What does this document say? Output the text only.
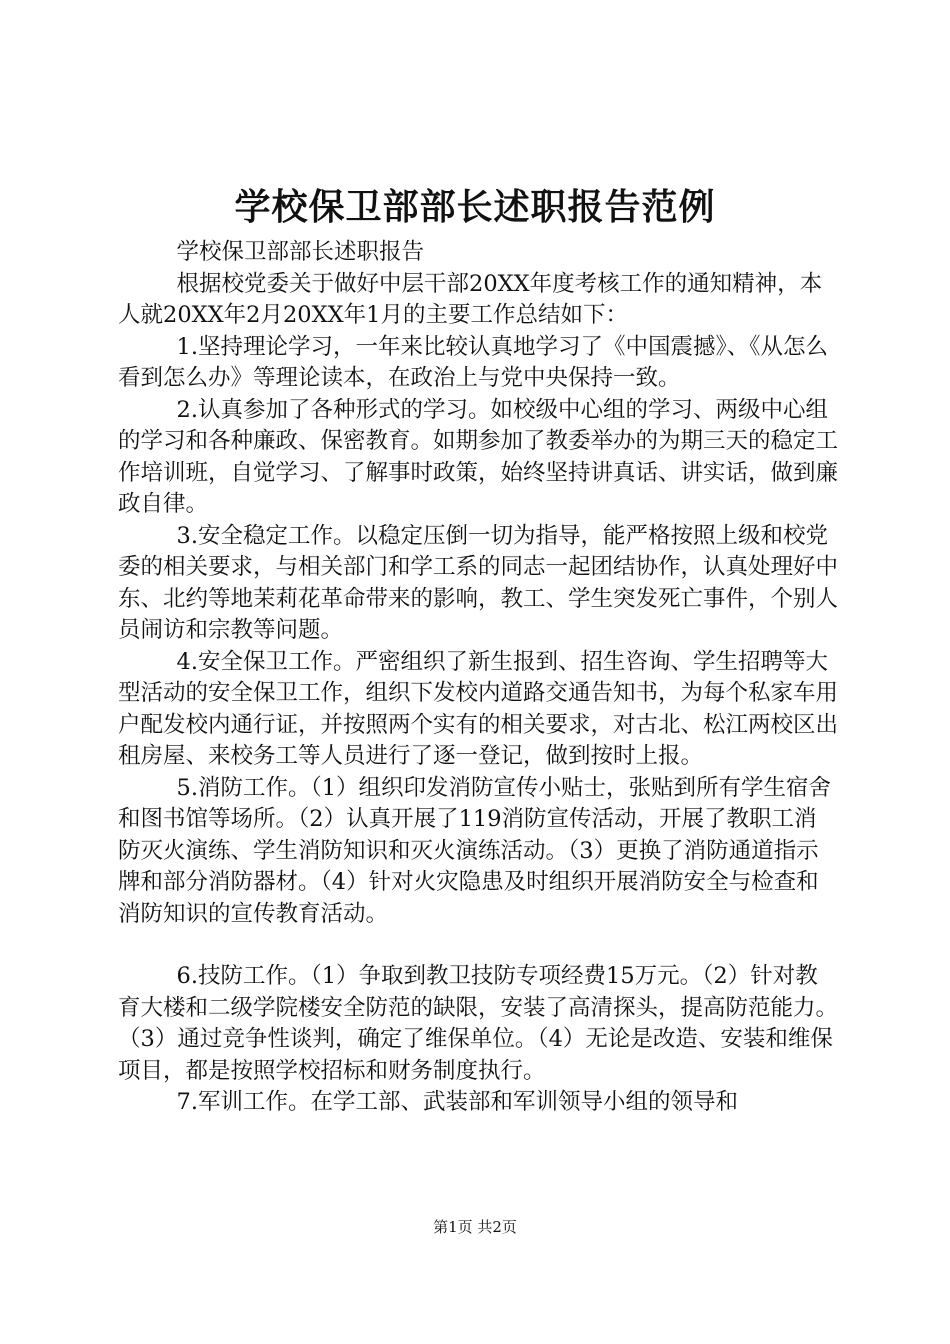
学校保卫部部长述职报告范例

学校保卫部部长述职报告

根据校党委关于做好中层干部20XX年度考核工作的通知精神，本人就20XX年2月20XX年1月的主要工作总结如下：

1.坚持理论学习，一年来比较认真地学习了《中国震撼》、《从怎么看到怎么办》等理论读本，在政治上与党中央保持一致。

2.认真参加了各种形式的学习。如校级中心组的学习、两级中心组的学习和各种廉政、保密教育。如期参加了教委举办的为期三天的稳定工作培训班，自觉学习、了解事时政策，始终坚持讲真话、讲实话，做到廉政自律。

3.安全稳定工作。以稳定压倒一切为指导，能严格按照上级和校党委的相关要求，与相关部门和学工系的同志一起团结协作，认真处理好中东、北约等地茉莉花革命带来的影响，教工、学生突发死亡事件，个别人员闹访和宗教等问题。

4.安全保卫工作。严密组织了新生报到、招生咨询、学生招聘等大型活动的安全保卫工作，组织下发校内道路交通告知书，为每个私家车用户配发校内通行证，并按照两个实有的相关要求，对古北、松江两校区出租房屋、来校务工等人员进行了逐一登记，做到按时上报。

5.消防工作。（1）组织印发消防宣传小贴士，张贴到所有学生宿舍和图书馆等场所。（2）认真开展了119消防宣传活动，开展了教职工消防灭火演练、学生消防知识和灭火演练活动。（3）更换了消防通道指示牌和部分消防器材。（4）针对火灾隐患及时组织开展消防安全与检查和消防知识的宣传教育活动。

6.技防工作。（1）争取到教卫技防专项经费15万元。（2）针对教育大楼和二级学院楼安全防范的缺限，安装了高清探头，提高防范能力。（3）通过竞争性谈判，确定了维保单位。（4）无论是改造、安装和维保项目，都是按照学校招标和财务制度执行。

7.军训工作。在学工部、武装部和军训领导小组的领导和

第1页 共2页
